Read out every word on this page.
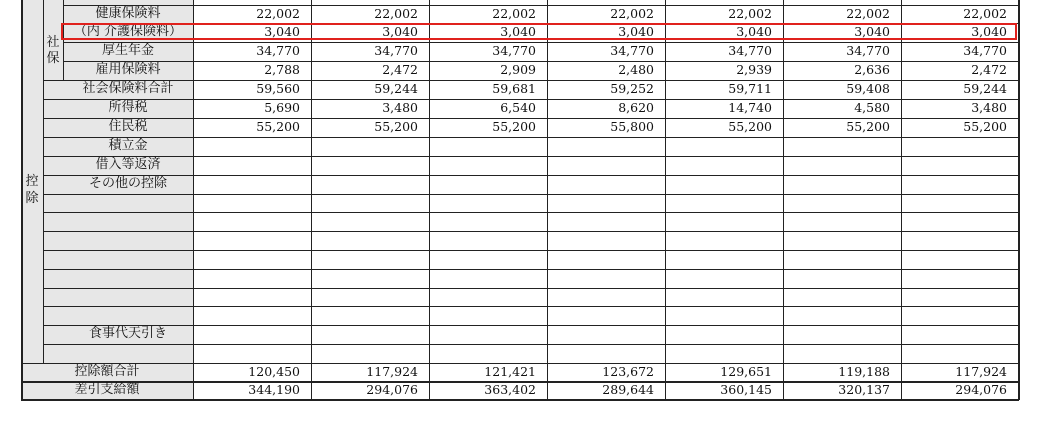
控
除
社
保
健康保険料	22,002	22,002	22,002	22,002	22,002	22,002	22,002
（内 介護保険料）	3,040	3,040	3,040	3,040	3,040	3,040	3,040
厚生年金	34,770	34,770	34,770	34,770	34,770	34,770	34,770
雇用保険料	2,788	2,472	2,909	2,480	2,939	2,636	2,472
社会保険料合計	59,560	59,244	59,681	59,252	59,711	59,408	59,244
所得税	5,690	3,480	6,540	8,620	14,740	4,580	3,480
住民税	55,200	55,200	55,200	55,800	55,200	55,200	55,200
積立金
借入等返済
その他の控除
食事代天引き
控除額合計	120,450	117,924	121,421	123,672	129,651	119,188	117,924
差引支給額	344,190	294,076	363,402	289,644	360,145	320,137	294,076
